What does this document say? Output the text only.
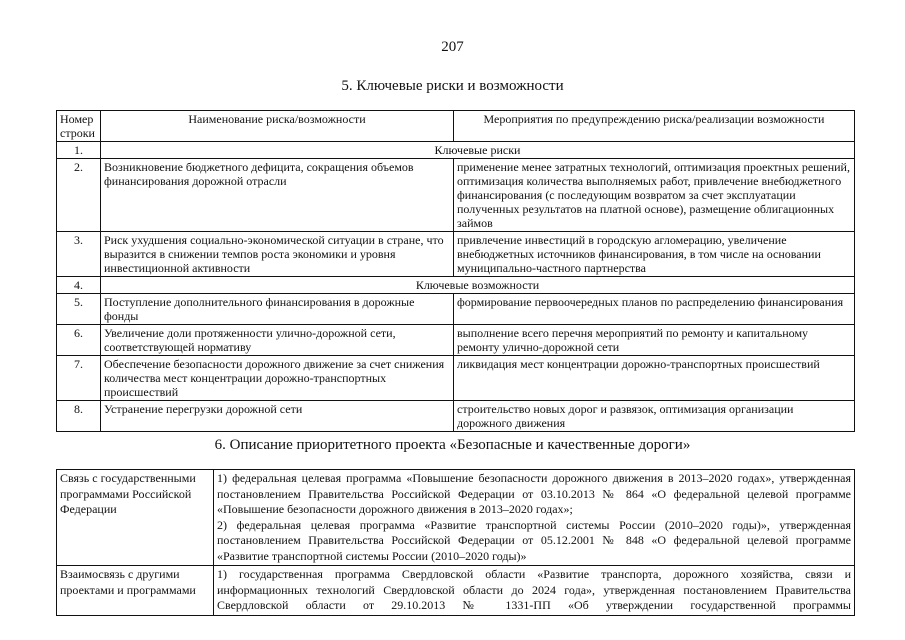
207
5. Ключевые риски и возможности
Номер строки	Наименование риска/возможности	Мероприятия по предупреждению риска/реализации возможности
1.	Ключевые риски	
2.	Возникновение бюджетного дефицита, сокращения объемов финансирования дорожной отрасли	применение менее затратных технологий, оптимизация проектных решений, оптимизация количества выполняемых работ, привлечение внебюджетного финансирования (с последующим возвратом за счет эксплуатации полученных результатов на платной основе), размещение облигационных займов
3.	Риск ухудшения социально-экономической ситуации в стране, что выразится в снижении темпов роста экономики и уровня инвестиционной активности	привлечение инвестиций в городскую агломерацию, увеличение внебюджетных источников финансирования, в том числе на основании муниципально-частного партнерства
4.	Ключевые возможности	
5.	Поступление дополнительного финансирования в дорожные фонды	формирование первоочередных планов по распределению финансирования
6.	Увеличение доли протяженности улично-дорожной сети, соответствующей нормативу	выполнение всего перечня мероприятий по ремонту и капитальному ремонту улично-дорожной сети
7.	Обеспечение безопасности дорожного движение за счет снижения количества мест концентрации дорожно-транспортных происшествий	ликвидация мест концентрации дорожно-транспортных происшествий
8.	Устранение перегрузки дорожной сети	строительство новых дорог и развязок, оптимизация организации дорожного движения
6. Описание приоритетного проекта «Безопасные и качественные дороги»
Связь с государственными программами Российской Федерации	1) федеральная целевая программа «Повышение безопасности дорожного движения в 2013–2020 годах», утвержденная постановлением Правительства Российской Федерации от 03.10.2013 № 864 «О федеральной целевой программе «Повышение безопасности дорожного движения в 2013–2020 годах»;
2) федеральная целевая программа «Развитие транспортной системы России (2010–2020 годы)», утвержденная постановлением Правительства Российской Федерации от 05.12.2001 № 848 «О федеральной целевой программе «Развитие транспортной системы России (2010–2020 годы)»

Взаимосвязь с другими проектами и программами	1) государственная программа Свердловской области «Развитие транспорта, дорожного хозяйства, связи и информационных технологий Свердловской области до 2024 года», утвержденная постановлением Правительства Свердловской области от 29.10.2013 № 1331-ПП «Об утверждении государственной программы
